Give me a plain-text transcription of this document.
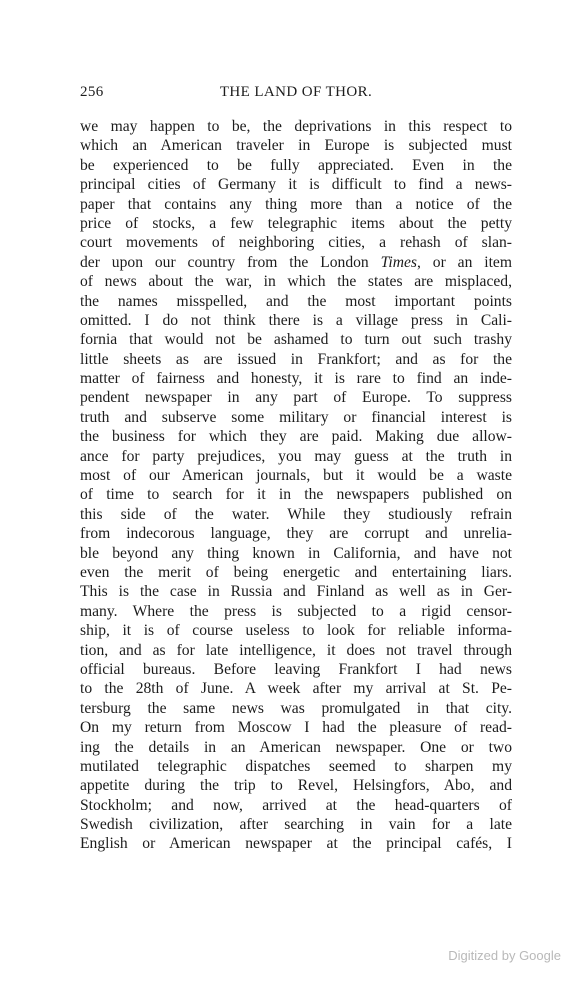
256	THE LAND OF THOR.
we may happen to be, the deprivations in this respect to
which an American traveler in Europe is subjected must
be experienced to be fully appreciated. Even in the
principal cities of Germany it is difficult to find a news-
paper that contains any thing more than a notice of the
price of stocks, a few telegraphic items about the petty
court movements of neighboring cities, a rehash of slan-
der upon our country from the London Times, or an item
of news about the war, in which the states are misplaced,
the names misspelled, and the most important points
omitted. I do not think there is a village press in Cali-
fornia that would not be ashamed to turn out such trashy
little sheets as are issued in Frankfort; and as for the
matter of fairness and honesty, it is rare to find an inde-
pendent newspaper in any part of Europe. To suppress
truth and subserve some military or financial interest is
the business for which they are paid. Making due allow-
ance for party prejudices, you may guess at the truth in
most of our American journals, but it would be a waste
of time to search for it in the newspapers published on
this side of the water. While they studiously refrain
from indecorous language, they are corrupt and unrelia-
ble beyond any thing known in California, and have not
even the merit of being energetic and entertaining liars.
This is the case in Russia and Finland as well as in Ger-
many. Where the press is subjected to a rigid censor-
ship, it is of course useless to look for reliable informa-
tion, and as for late intelligence, it does not travel through
official bureaus. Before leaving Frankfort I had news
to the 28th of June. A week after my arrival at St. Pe-
tersburg the same news was promulgated in that city.
On my return from Moscow I had the pleasure of read-
ing the details in an American newspaper. One or two
mutilated telegraphic dispatches seemed to sharpen my
appetite during the trip to Revel, Helsingfors, Abo, and
Stockholm; and now, arrived at the head-quarters of
Swedish civilization, after searching in vain for a late
English or American newspaper at the principal cafés, I
Digitized by Google
